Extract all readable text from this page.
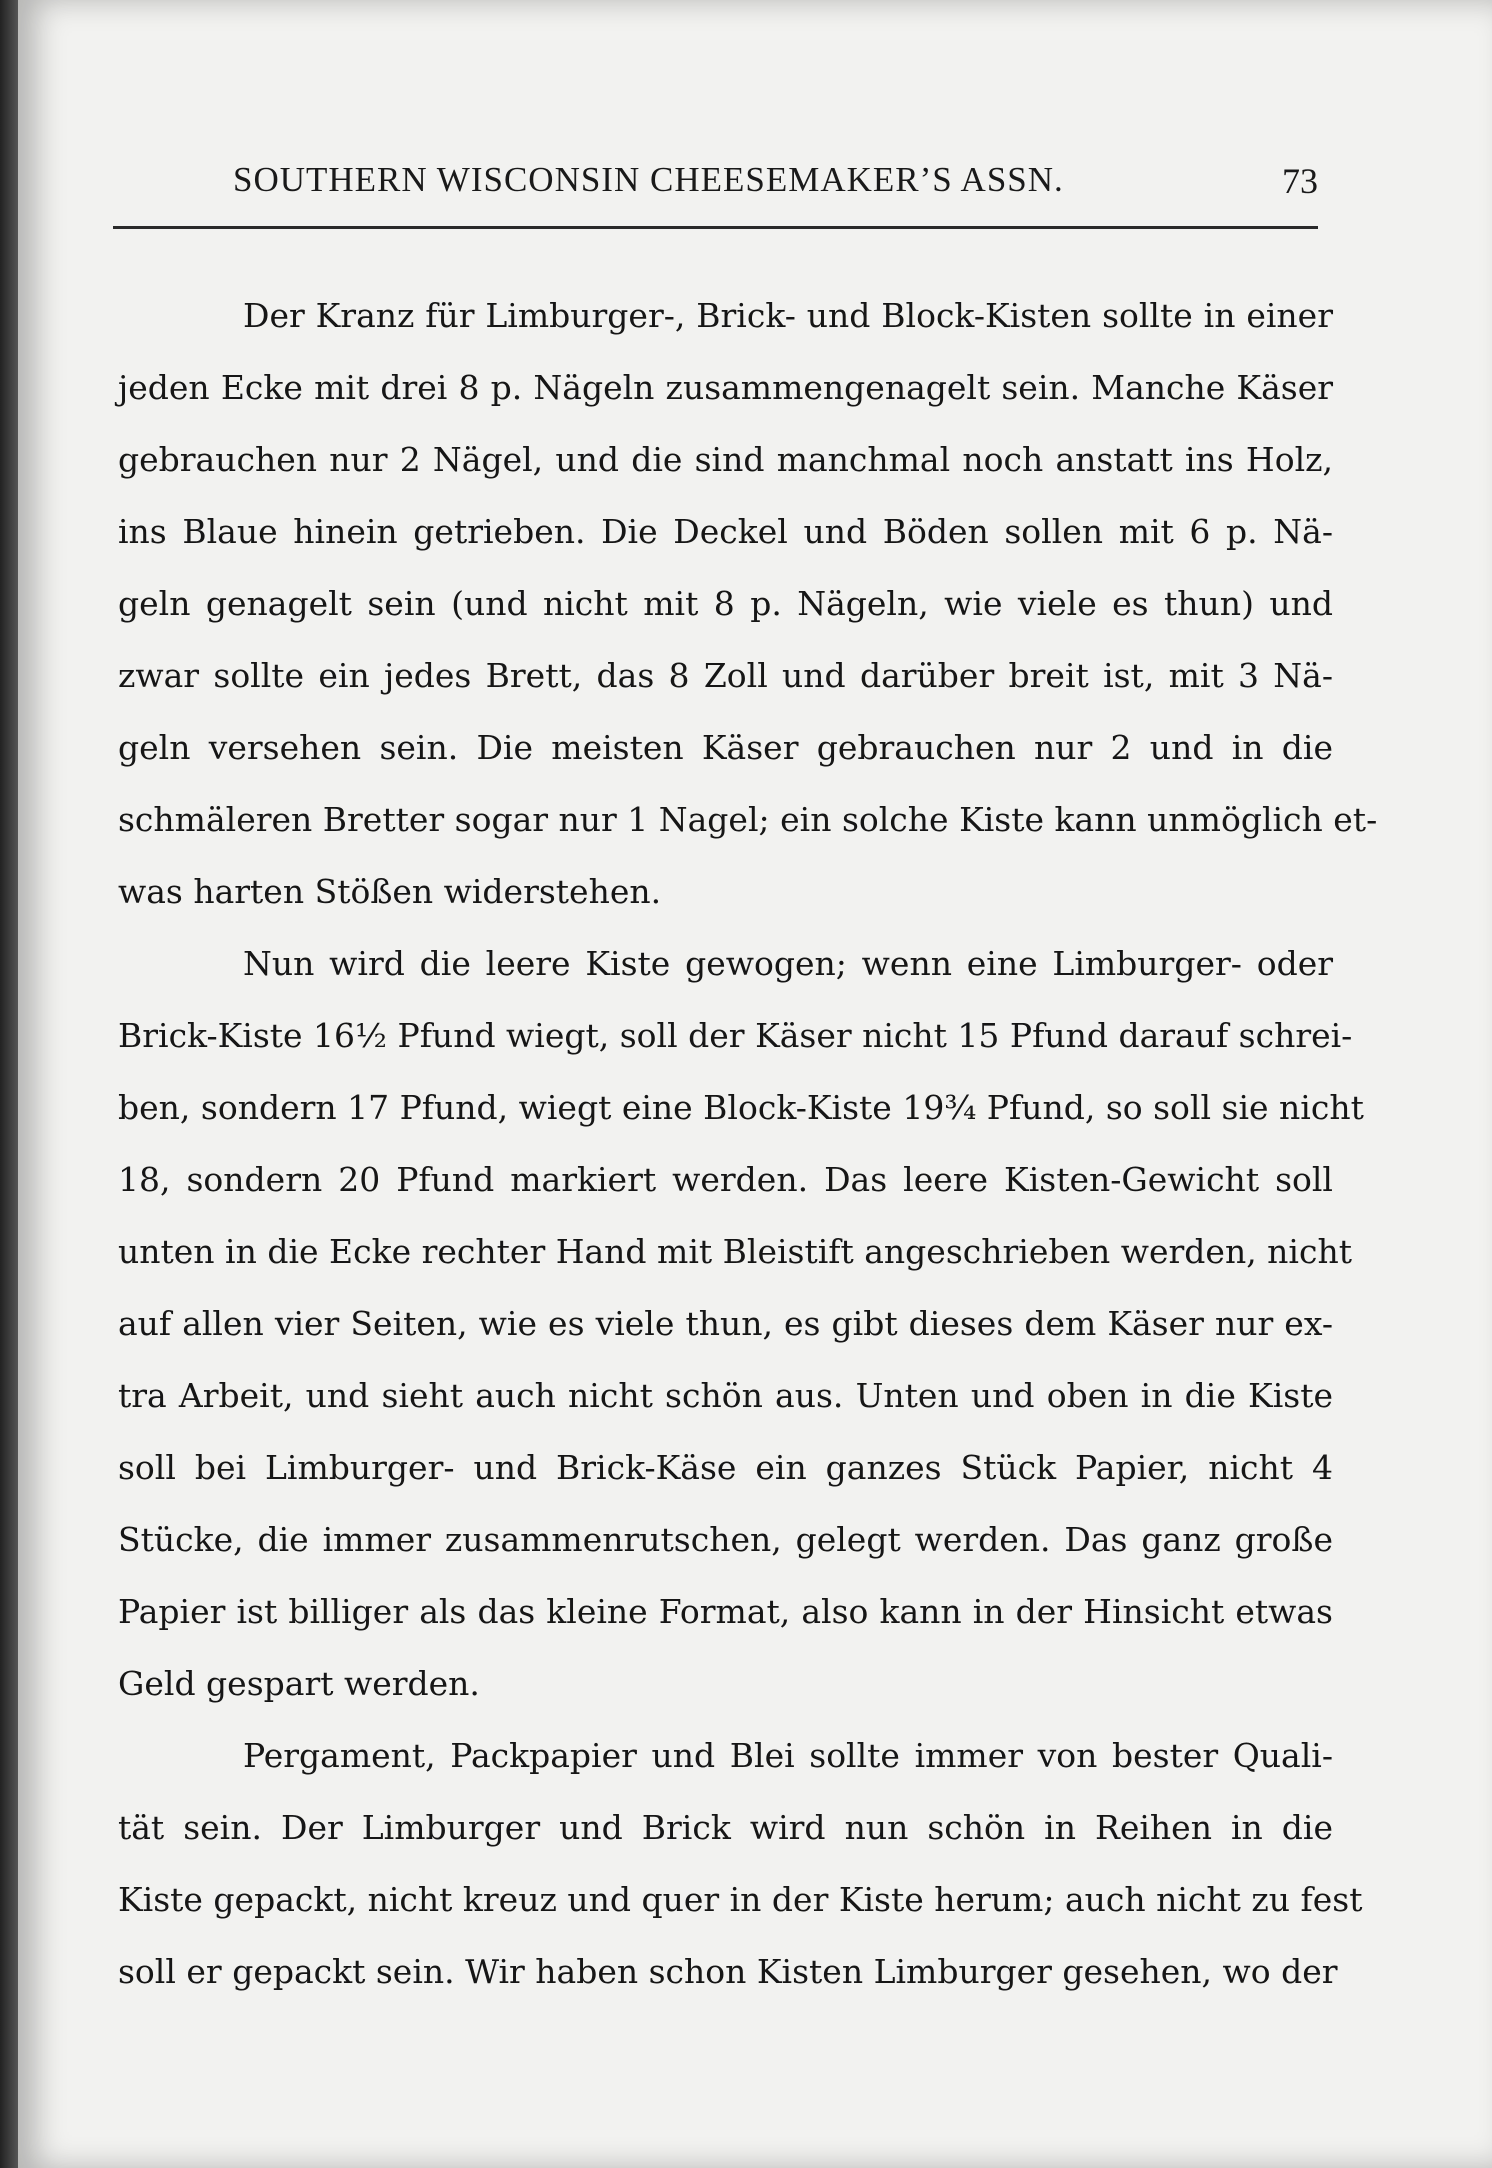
SOUTHERN WISCONSIN CHEESEMAKER’S ASSN.	73
Der Kranz für Limburger-, Brick- und Block-Kisten sollte in einer
jeden Ecke mit drei 8 p. Nägeln zusammengenagelt sein. Manche Käser
gebrauchen nur 2 Nägel, und die sind manchmal noch anstatt ins Holz,
ins Blaue hinein getrieben. Die Deckel und Böden sollen mit 6 p. Nä-
geln genagelt sein (und nicht mit 8 p. Nägeln, wie viele es thun) und
zwar sollte ein jedes Brett, das 8 Zoll und darüber breit ist, mit 3 Nä-
geln versehen sein. Die meisten Käser gebrauchen nur 2 und in die
schmäleren Bretter sogar nur 1 Nagel; ein solche Kiste kann unmöglich et-
was harten Stößen widerstehen.
Nun wird die leere Kiste gewogen; wenn eine Limburger- oder
Brick-Kiste 16½ Pfund wiegt, soll der Käser nicht 15 Pfund darauf schrei-
ben, sondern 17 Pfund, wiegt eine Block-Kiste 19¾ Pfund, so soll sie nicht
18, sondern 20 Pfund markiert werden. Das leere Kisten-Gewicht soll
unten in die Ecke rechter Hand mit Bleistift angeschrieben werden, nicht
auf allen vier Seiten, wie es viele thun, es gibt dieses dem Käser nur ex-
tra Arbeit, und sieht auch nicht schön aus. Unten und oben in die Kiste
soll bei Limburger- und Brick-Käse ein ganzes Stück Papier, nicht 4
Stücke, die immer zusammenrutschen, gelegt werden. Das ganz große
Papier ist billiger als das kleine Format, also kann in der Hinsicht etwas
Geld gespart werden.
Pergament, Packpapier und Blei sollte immer von bester Quali-
tät sein. Der Limburger und Brick wird nun schön in Reihen in die
Kiste gepackt, nicht kreuz und quer in der Kiste herum; auch nicht zu fest
soll er gepackt sein. Wir haben schon Kisten Limburger gesehen, wo der
